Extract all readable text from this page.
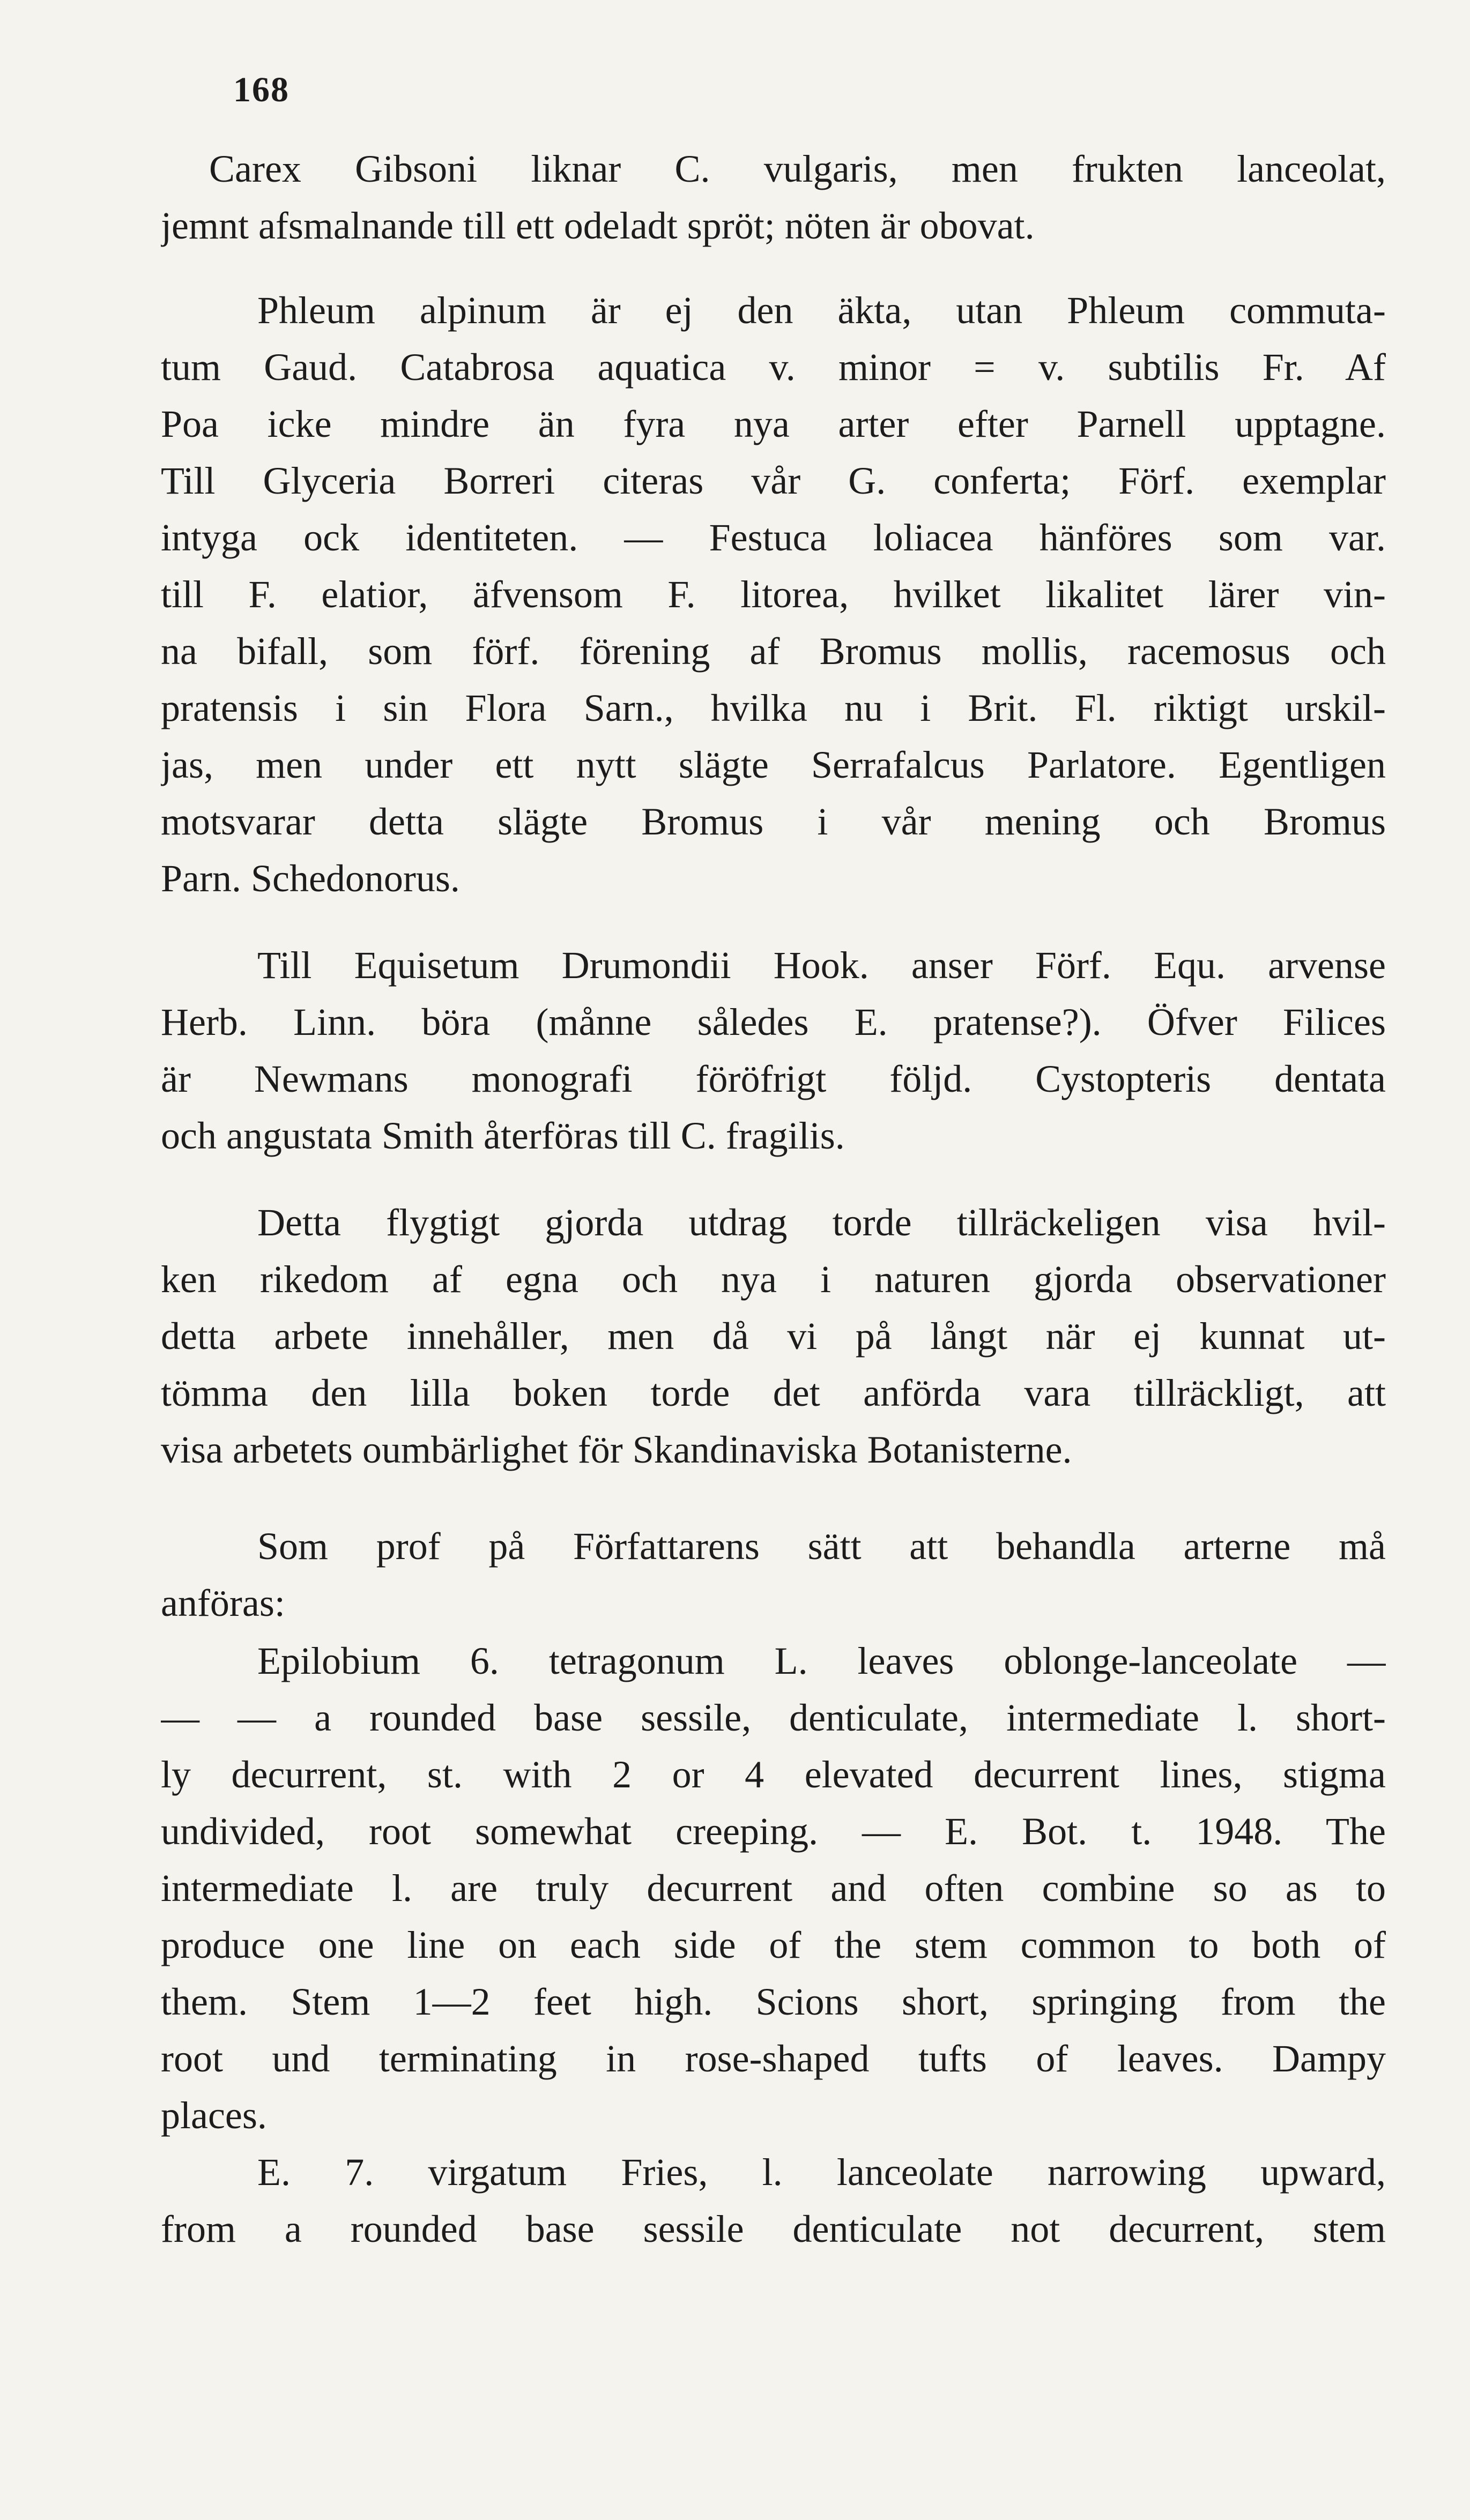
168
Carex Gibsoni liknar C. vulgaris, men frukten lanceolat,
jemnt afsmalnande till ett odeladt spröt; nöten är obovat.
Phleum alpinum är ej den äkta, utan Phleum commuta-
tum Gaud. Catabrosa aquatica v. minor = v. subtilis Fr. Af
Poa icke mindre än fyra nya arter efter Parnell upptagne.
Till Glyceria Borreri citeras vår G. conferta; Förf. exemplar
intyga ock identiteten. — Festuca loliacea hänföres som var.
till F. elatior, äfvensom F. litorea, hvilket likalitet lärer vin-
na bifall, som förf. förening af Bromus mollis, racemosus och
pratensis i sin Flora Sarn., hvilka nu i Brit. Fl. riktigt urskil-
jas, men under ett nytt slägte Serrafalcus Parlatore. Egentligen
motsvarar detta slägte Bromus i vår mening och Bromus
Parn. Schedonorus.
Till Equisetum Drumondii Hook. anser Förf. Equ. arvense
Herb. Linn. böra (månne således E. pratense?). Öfver Filices
är Newmans monografi föröfrigt följd. Cystopteris dentata
och angustata Smith återföras till C. fragilis.
Detta flygtigt gjorda utdrag torde tillräckeligen visa hvil-
ken rikedom af egna och nya i naturen gjorda observationer
detta arbete innehåller, men då vi på långt när ej kunnat ut-
tömma den lilla boken torde det anförda vara tillräckligt, att
visa arbetets oumbärlighet för Skandinaviska Botanisterne.
Som prof på Författarens sätt att behandla arterne må
anföras:
Epilobium 6. tetragonum L. leaves oblonge-lanceolate —
— — a rounded base sessile, denticulate, intermediate l. short-
ly decurrent, st. with 2 or 4 elevated decurrent lines, stigma
undivided, root somewhat creeping. — E. Bot. t. 1948. The
intermediate l. are truly decurrent and often combine so as to
produce one line on each side of the stem common to both of
them. Stem 1—2 feet high. Scions short, springing from the
root und terminating in rose-shaped tufts of leaves. Dampy
places.
E. 7. virgatum Fries, l. lanceolate narrowing upward,
from a rounded base sessile denticulate not decurrent, stem
